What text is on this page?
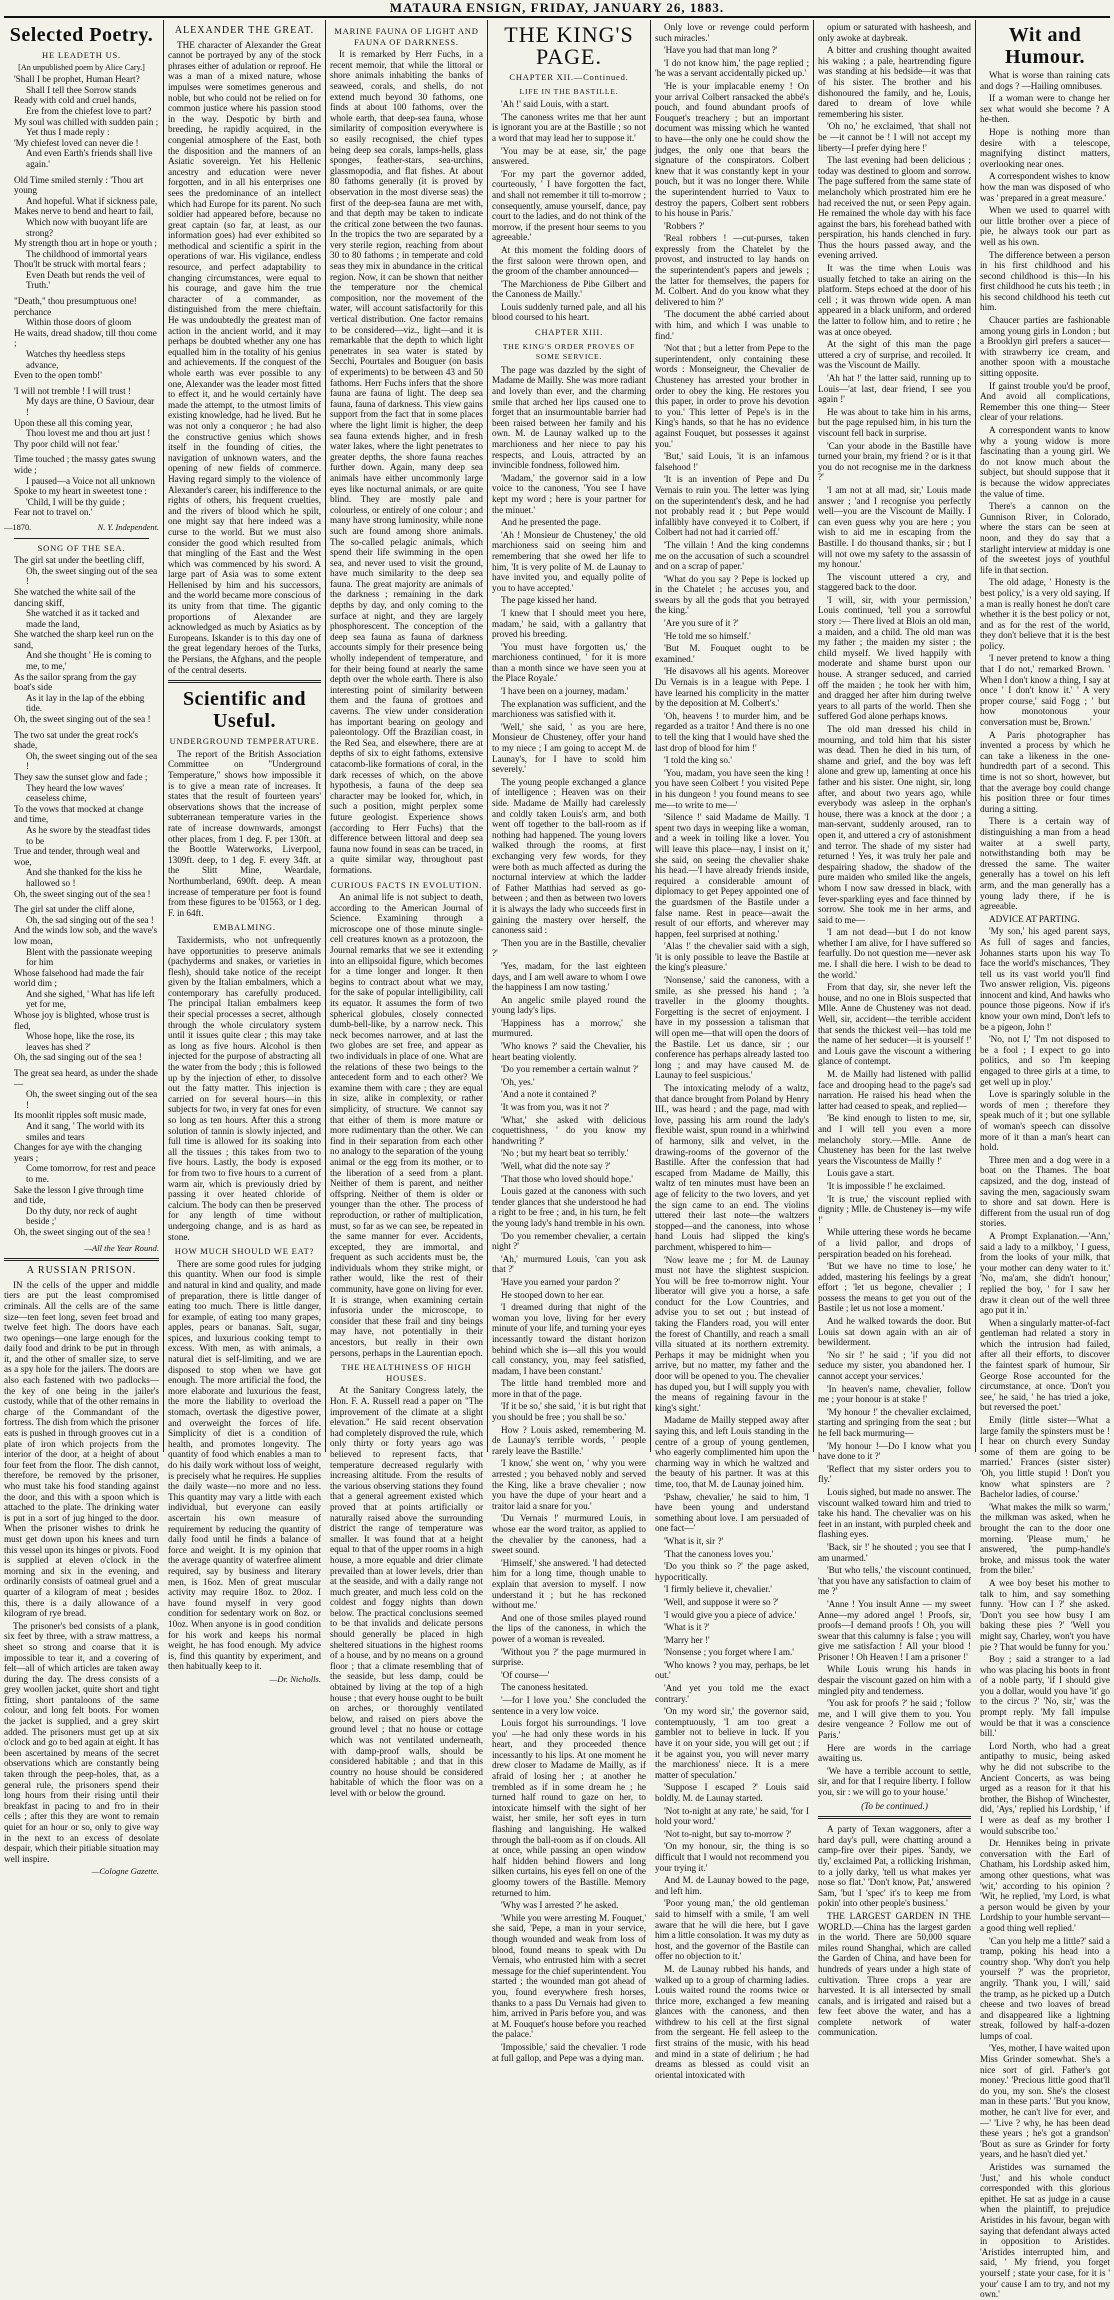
MATAURA ENSIGN, FRIDAY, JANUARY 26, 1883.
Selected Poetry.
HE LEADETH US.
[An unpublished poem by Alice Cary.]
'Shall I be prophet, Human Heart?
Shall I tell thee Sorrow stands
Ready with cold and cruel hands,
Ere from the chiefest love to part?
My soul was chilled with sudden pain ;
Yet thus I made reply :
'My chiefest loved can never die !
And even Earth's friends shall live again.'
Old Time smiled sternly : 'Thou art young
And hopeful. What if sickness pale,
Makes nerve to bend and heart to fail,
Which now with buoyant life are strong?
My strength thou art in hope or youth ;
The childhood of immortal years
Thou'lt be struck with mortal fears ;
Even Death but rends the veil of Truth.'
"Death," thou presumptuous one! perchance
Within those doors of gloom
He waits, dread shadow, till thou come ;
Watches thy heedless steps advance,
Even to the open tomb!'
'I will not tremble ! I will trust !
My days are thine, O Saviour, dear !
Upon these all this coming year,
Thou lovest me and thou art just !
Thy poor child will not fear.'
Time touched ; the massy gates swung wide ;
I paused—a Voice not all unknown
Spoke to my heart in sweetest tone :
'Child, I will be thy guide ;
Fear not to travel on.'
—1870.	N. Y. Independent.
SONG OF THE SEA.
The girl sat under the beetling cliff,
Oh, the sweet singing out of the sea !
She watched the white sail of the dancing skiff,
She watched it as it tacked and made the land,
She watched the sharp keel run on the sand,
And she thought ' He is coming to me, to me,'
As the sailor sprang from the gay boat's side
As it lay in the lap of the ebbing tide.
Oh, the sweet singing out of the sea !
The two sat under the great rock's shade,
Oh, the sweet singing out of the sea !
They saw the sunset glow and fade ;
They heard the low waves' ceaseless chime,
To the vows that mocked at change and time,
As he swore by the steadfast tides to be
True and tender, through weal and woe,
And she thanked for the kiss he hallowed so !
Oh, the sweet singing out of the sea !
The girl sat under the cliff alone,
Oh, the sad singing out of the sea !
And the winds low sob, and the wave's low moan,
Blent with the passionate weeping for him
Whose falsehood had made the fair world dim ;
And she sighed, ' What has life left yet for me,
Whose joy is blighted, whose trust is fled,
Whose hope, like the rose, its leaves has shed ?'
Oh, the sad singing out of the sea !
The great sea heard, as under the shade—
Oh, the sweet singing out of the sea !
Its moonlit ripples soft music made,
And it sang, ' The world with its smiles and tears
Changes for aye with the changing years ;
Come tomorrow, for rest and peace to me.
Sake the lesson I give through time and tide,
Do thy duty, nor reck of aught beside ;'
Oh, the sweet singing out of the sea !
—All the Year Round.
A RUSSIAN PRISON.

IN the cells of the upper and middle tiers are put the least compromised criminals. All the cells are of the same size—ten feet long, seven feet broad and twelve feet high. The doors have each two openings—one large enough for the daily food and drink to be put in through it, and the other of smaller size, to serve as a spy hole for the jailers. The doors are also each fastened with two padlocks—the key of one being in the jailer's custody, while that of the other remains in charge of the Commandant of the fortress. The dish from which the prisoner eats is pushed in through grooves cut in a plate of iron which projects from the interior of the door, at a height of about four feet from the floor. The dish cannot, therefore, be removed by the prisoner, who must take his food standing against the door, and this with a spoon which is attached to the plate. The drinking water is put in a sort of jug hinged to the door. When the prisoner wishes to drink he must get down upon his knees and turn this vessel upon its hinges or pivots. Food is supplied at eleven o'clock in the morning and six in the evening, and ordinarily consists of oatmeal gruel and a quarter of a kilogram of meat ; besides this, there is a daily allowance of a kilogram of rye bread.

The prisoner's bed consists of a plank, six feet by three, with a straw mattress, a sheet so strong and coarse that it is impossible to tear it, and a covering of felt—all of which articles are taken away during the day. The dress consists of a grey woollen jacket, quite short and tight fitting, short pantaloons of the same colour, and long felt boots. For women the jacket is supplied, and a grey skirt added. The prisoners must get up at six o'clock and go to bed again at eight. It has been ascertained by means of the secret observations which are constantly being taken through the peep-holes, that, as a general rule, the prisoners spend their long hours from their rising until their breakfast in pacing to and fro in their cells ; after this they are wont to remain quiet for an hour or so, only to give way in the next to an excess of desolate despair, which their pitiable situation may well inspire.

—Cologne Gazette.
ALEXANDER THE GREAT.

THE character of Alexander the Great cannot be portrayed by any of the stock phrases either of adulation or reproof. He was a man of a mixed nature, whose impulses were sometimes generous and noble, but who could not be relied on for common justice where his passion stood in the way. Despotic by birth and breeding, he rapidly acquired, in the congenial atmosphere of the East, both the disposition and the manners of an Asiatic sovereign. Yet his Hellenic ancestry and education were never forgotten, and in all his enterprises one sees the predominance of an intellect which had Europe for its parent. No such soldier had appeared before, because no great captain (so far, at least, as our information goes) had ever exhibited so methodical and scientific a spirit in the operations of war. His vigilance, endless resource, and perfect adaptability to changing circumstances, were equal to his courage, and gave him the true character of a commander, as distinguished from the mere chieftain. He was undoubtedly the greatest man of action in the ancient world, and it may perhaps be doubted whether any one has equalled him in the totality of his genius and achievements. If the conquest of the whole earth was ever possible to any one, Alexander was the leader most fitted to effect it, and he would certainly have made the attempt, to the utmost limits of existing knowledge, had he lived. But he was not only a conqueror ; he had also the constructive genius which shows itself in the founding of cities, the navigation of unknown waters, and the opening of new fields of commerce. Having regard simply to the violence of Alexander's career, his indifference to the rights of others, his frequent cruelties, and the rivers of blood which he spilt, one might say that here indeed was a curse to the world. But we must also consider the good which resulted from that mingling of the East and the West which was commenced by his sword. A large part of Asia was to some extent Hellenised by him and his successors, and the world became more conscious of its unity from that time. The gigantic proportions of Alexander are acknowledged as much by Asiatics as by Europeans. Iskander is to this day one of the great legendary heroes of the Turks, the Persians, the Afghans, and the people of the central deserts.

Scientific and Useful.
UNDERGROUND TEMPERATURE.

The report of the British Association Committee on "Underground Temperature," shows how impossible it is to give a mean rate of increases. It states that the result of fourteen years' observations shows that the increase of subterranean temperature varies in the rate of increase downwards, amongst other places, from 1 deg. F. per 130ft. at the Boottle Waterworks, Liverpool, 1309ft. deep, to 1 deg. F. every 34ft. at the Slitt Mine, Weardale, Northumberland, 690ft. deep. A mean increase of temperature per foot is found from these figures to be '01563, or 1 deg. F. in 64ft.

EMBALMING.

Taxidermists, who not unfrequently have opportunities to preserve animals (pachyderms and snakes, or varieties in flesh), should take notice of the receipt given by the Italian embalmers, which a contemporary has carefully produced. The principal Italian embalmers keep their special processes a secret, although through the whole circulatory system until it issues quite clear ; this may take as long as five hours. Alcohol is then injected for the purpose of abstracting all the water from the body ; this is followed up by the injection of ether, to dissolve out the fatty matter. This injection is carried on for several hours—in this subjects for two, in very fat ones for even so long as ten hours. After this a strong solution of tannin is slowly injected, and full time is allowed for its soaking into all the tissues ; this takes from two to five hours. Lastly, the body is exposed for from two to five hours to a current of warm air, which is previously dried by passing it over heated chloride of calcium. The body can then be preserved for any length of time without undergoing change, and is as hard as stone.

HOW MUCH SHOULD WE EAT?

There are some good rules for judging this quantity. When our food is simple and natural in kind and quality, and made of preparation, there is little danger of eating too much. There is little danger, for example, of eating too many grapes, apples, pears or bananas. Salt, sugar, spices, and luxurious cooking tempt to excess. With men, as with animals, a natural diet is self-limiting, and we are disposed to stop when we have got enough. The more artificial the food, the more elaborate and luxurious the feast, the more the liability to overload the stomach, overtask the digestive power, and overweight the forces of life. Simplicity of diet is a condition of health, and promotes longevity. The quantity of food which enables a man to do his daily work without loss of weight, is precisely what he requires. He supplies the daily waste—no more and no less. This quantity may vary a little with each individual, but everyone can easily ascertain his own measure of requirement by reducing the quantity of daily food until he finds a balance of force and weight. It is my opinion that the average quantity of waterfree aliment required, say by business and literary men, is 16oz. Men of great muscular activity may require 18oz. to 20oz. I have found myself in very good condition for sedentary work on 8oz. or 10oz. When anyone is in good condition for his work and keeps his normal weight, he has food enough. My advice is, find this quantity by experiment, and then habitually keep to it.

—Dr. Nicholls.
MARINE FAUNA OF LIGHT AND FAUNA OF DARKNESS.

It is remarked by Herr Fuchs, in a recent memoir, that while the littoral or shore animals inhabiting the banks of seaweed, corals, and shells, do not extend much beyond 30 fathoms, one finds at about 100 fathoms, over the whole earth, that deep-sea fauna, whose similarity of composition everywhere is so easily recognised, the chief types being deep sea corals, lamps-hells, glass sponges, feather-stars, sea-urchins, glassmopodia, and flat fishes. At about 80 fathoms generally (it is proved by observation in the most diverse seas) the first of the deep-sea fauna are met with, and that depth may be taken to indicate the critical zone between the two faunas. In the tropics the two are separated by a very sterile region, reaching from about 30 to 80 fathoms ; in temperate and cold seas they mix in abundance in the critical region. Now, it can be shown that neither the temperature nor the chemical composition, nor the movement of the water, will account satisfactorily for this vertical distribution. One factor remains to be considered—viz., light—and it is remarkable that the depth to which light penetrates in sea water is stated by Secchi, Pourtales and Bouguer (on basis of experiments) to be between 43 and 50 fathoms. Herr Fuchs infers that the shore fauna are fauna of light. The deep sea fauna, fauna of darkness. This view gains support from the fact that in some places where the light limit is higher, the deep sea fauna extends higher, and in fresh water lakes, where the light penetrates to greater depths, the shore fauna reaches further down. Again, many deep sea animals have either uncommonly large eyes like nocturnal animals, or are quite blind. They are mostly pale and colourless, or entirely of one colour ; and many have strong luminosity, while none such are found among shore animals. The so-called pelagic animals, which spend their life swimming in the open sea, and never used to visit the ground, have much similarity to the deep sea fauna. The great majority are animals of the darkness ; remaining in the dark depths by day, and only coming to the surface at night, and they are largely phosphorescent. The conception of the deep sea fauna as fauna of darkness accounts simply for their presence being wholly independent of temperature, and for their being found at nearly the same depth over the whole earth. There is also interesting point of similarity between them and the fauna of grottoes and caverns. The view under consideration has important bearing on geology and paleontology. Off the Brazilian coast, in the Red Sea, and elsewhere, there are at depths of six to eight fathoms, extensive catacomb-like formations of coral, in the dark recesses of which, on the above hypothesis, a fauna of the deep sea character may be looked for, which, in such a position, might perplex some future geologist. Experience shows (according to Herr Fuchs) that the difference between littoral and deep sea fauna now found in seas can be traced, in a quite similar way, throughout past formations.

CURIOUS FACTS IN EVOLUTION.

An animal life is not subject to death, according to the American Journal of Science. Examining through a microscope one of those minute single-cell creatures known as a protozoon, the Journal remarks that we see it extending into an ellipsoidal figure, which becomes for a time longer and longer. It then begins to contract about what we may, for the sake of popular intelligibility, call its equator. It assumes the form of two spherical globules, closely connected dumb-bell-like, by a narrow neck. This neck becomes narrower, and at last the two globes are set free, and appear as two individuals in place of one. What are the relations of these two beings to the antecedent form and to each other? We examine them with care ; they are equal in size, alike in complexity, or rather simplicity, of structure. We cannot say that either of them is more mature or more rudimentary than the other. We can find in their separation from each other no analogy to the separation of the young animal or the egg from its mother, or to the liberation of a seed from a plant. Neither of them is parent, and neither offspring. Neither of them is older or younger than the other. The process of reproduction, or rather of multiplication, must, so far as we can see, be repeated in the same manner for ever. Accidents, excepted, they are immortal, and frequent as such accidents must be, the individuals whom they strike might, or rather would, like the rest of their community, have gone on living for ever. It is strange, when examining certain infusoria under the microscope, to consider that these frail and tiny beings may have, not potentially in their ancestors, but really in their own persons, perhaps in the Laurentian epoch.

THE HEALTHINESS OF HIGH HOUSES.

At the Sanitary Congress lately, the Hon. F. A. Russell read a paper on "The improvement of the climate at a slight elevation." He said recent observation had completely disproved the rule, which only thirty or forty years ago was believed to represent facts, that temperature decreased regularly with increasing altitude. From the results of the various observing stations they found that a general agreement existed which proved that at points artificially or naturally raised above the surrounding district the range of temperature was smaller. It was found that at a height equal to that of the upper rooms in a high house, a more equable and drier climate prevailed than at lower levels, drier than at the seaside, and with a daily range not much greater, and much less cold on the coldest and foggy nights than down below. The practical conclusions seemed to be that invalids and delicate persons should generally be placed in high sheltered situations in the highest rooms of a house, and by no means on a ground floor ; that a climate resembling that of the seaside, but less damp, could be obtained by living at the top of a high house ; that every house ought to be built on arches, or thoroughly ventilated below, and raised on piers above the ground level ; that no house or cottage which was not ventilated underneath, with damp-proof walls, should be considered habitable ; and that in this country no house should be considered habitable of which the floor was on a level with or below the ground.

THE KING'S PAGE.
CHAPTER XII.—Continued.
LIFE IN THE BASTILLE.

'Ah !' said Louis, with a start.

'The canoness writes me that her aunt is ignorant you are at the Bastille ; so not a word that may lead her to suppose it.'

'You may be at ease, sir,' the page answered.

'For my part the governor added, courteously, ' I have forgotten the fact, and shall not remember it till to-morrow ; consequently, amuse yourself, dance, pay court to the ladies, and do not think of the morrow, if the present hour seems to you agreeable.'

At this moment the folding doors of the first saloon were thrown open, and the groom of the chamber announced—

'The Marchioness de Pibe Gilbert and the Canoness de Mailly.'

Louis suddenly turned pale, and all his blood coursed to his heart.

CHAPTER XIII.
THE KING'S ORDER PROVES OF SOME SERVICE.

The page was dazzled by the sight of Madame de Mailly. She was more radiant and lovely than ever, and the charming smile that arched her lips caused one to forget that an insurmountable barrier had been raised between her family and his own. M. de Launay walked up to the marchioness and her niece to pay his respects, and Louis, attracted by an invincible fondness, followed him.

'Madam,' the governor said in a low voice to the canoness, 'You see I have kept my word ; here is your partner for the minuet.'

And he presented the page.

'Ah ! Monsieur de Chusteney,' the old marchioness said on seeing him and remembering that she owed her life to him, 'It is very polite of M. de Launay to have invited you, and equally polite of you to have accepted.'

The page kissed her hand.

'I knew that I should meet you here, madam,' he said, with a gallantry that proved his breeding.

'You must have forgotten us,' the marchioness continued, ' for it is more than a month since we have seen you at the Place Royale.'

'I have been on a journey, madam.'

The explanation was sufficient, and the marchioness was satisfied with it.

'Well,' she said, ' as you are here, Monsieur de Chusteney, offer your hand to my niece ; I am going to accept M. de Launay's, for I have to scold him severely.'

The young people exchanged a glance of intelligence ; Heaven was on their side. Madame de Mailly had carelessly and coldly taken Louis's arm, and both went off together to the ball-room as if nothing had happened. The young lovers walked through the rooms, at first exchanging very few words, for they were both as much affected as during the nocturnal interview at which the ladder of Father Matthias had served as go-between ; and then as between two lovers it is always the lady who succeeds first in gaining the mastery over herself, the canoness said :

'Then you are in the Bastille, chevalier ?'

'Yes, madam, for the last eighteen days, and I am well aware to whom I owe the happiness I am now tasting.'

An angelic smile played round the young lady's lips.

'Happiness has a morrow,' she murmured.

'Who knows ?' said the Chevalier, his heart beating violently.

'Do you remember a certain walnut ?'

'Oh, yes.'

'And a note it contained ?'

'It was from you, was it not ?'

'What,' she asked with delicious coquettishness, ' do you know my handwriting ?'

'No ; but my heart beat so terribly.'

'Well, what did the note say ?'

'That those who loved should hope.'

Louis gazed at the canoness with such tender glances that she understood he had a right to be free ; and, in his turn, he felt the young lady's hand tremble in his own.

'Do you remember chevalier, a certain night ?'

'Ah,' murmured Louis, 'can you ask that ?'

'Have you earned your pardon ?'

He stooped down to her ear.

'I dreamed during that night of the woman you love, living for her every minute of your life, and turning your eyes incessantly toward the distant horizon behind which she is—all this you would call constancy, you, may feel satisfied, madam, I have been constant.'

The little hand trembled more and more in that of the page.

'If it be so,' she said, ' it is but right that you should be free ; you shall be so.'

How ? Louis asked, remembering M. de Launay's terrible words, ' people rarely leave the Bastille.'

'I know,' she went on, ' why you were arrested ; you behaved nobly and served the King, like a brave chevalier ; now you have the dupe of your heart and a traitor laid a snare for you.'

'Du Vernais !' murmured Louis, in whose ear the word traitor, as applied to the chevalier by the canoness, had a sweet sound.

'Himself,' she answered. 'I had detected him for a long time, though unable to explain that aversion to myself. I now understand it ; but he has reckoned without me.'

And one of those smiles played round the lips of the canoness, in which the power of a woman is revealed.

'Without you ?' the page murmured in surprise.

'Of course—'

The canoness hesitated.

'—for I love you.' She concluded the sentence in a very low voice.

Louis forgot his surroundings. 'I love you' —he had only these words in his heart, and they proceeded thence incessantly to his lips. At one moment he drew closer to Madame de Mailly, as if afraid of losing her ; at another he trembled as if in some dream he ; he turned half round to gaze on her, to intoxicate himself with the sight of her waist, her smile, her soft eyes in turn flashing and languishing. He walked through the ball-room as if on clouds. All at once, while passing an open window half hidden behind flowers and long silken curtains, his eyes fell on one of the gloomy towers of the Bastille. Memory returned to him.

'Why was I arrested ?' he asked.

'While you were arresting M. Fouquet,' she said, 'Pepe, a man in your service, though wounded and weak from loss of blood, found means to speak with Du Vernais, who entrusted him with a secret message for the chief superintendent. You started ; the wounded man got ahead of you, found everywhere fresh horses, thanks to a pass Du Vernais had given to him, arrived in Paris before you, and was at M. Fouquet's house before you reached the palace.'

'Impossible,' said the chevalier. 'I rode at full gallop, and Pepe was a dying man.

Only love or revenge could perform such miracles.'

'Have you had that man long ?'

'I do not know him,' the page replied ; 'he was a servant accidentally picked up.'

'He is your implacable enemy ! On your arrival Colbert ransacked the abbé's pouch, and found abundant proofs of Fouquet's treachery ; but an important document was missing which he wanted to have—the only one he could show the judges, the only one that bears the signature of the conspirators. Colbert knew that it was constantly kept in your pouch, but it was no longer there. While the superintendent hurried to Vaux to destroy the papers, Colbert sent robbers to his house in Paris.'

'Robbers ?'

'Real robbers ! —cut-purses, taken expressly from the Chatelet by the provost, and instructed to lay hands on the superintendent's papers and jewels ; the latter for themselves, the papers for M. Colbert. And do you know what they delivered to him ?'

'The document the abbé carried about with him, and which I was unable to find.'

'Not that ; but a letter from Pepe to the superintendent, only containing these words : Monseigneur, the Chevalier de Chusteney has arrested your brother in order to obey the king. He restores you this paper, in order to prove his devotion to you.' This letter of Pepe's is in the King's hands, so that he has no evidence against Fouquet, but possesses it against you.'

'But,' said Louis, 'it is an infamous falsehood !'

'It is an invention of Pepe and Du Vernais to ruin you. The letter was lying on the superintendent's desk, and he had not probably read it ; but Pepe would infallibly have conveyed it to Colbert, if Colbert had not had it carried off.'

'The villain ! And the king condemns me on the accusation of such a scoundrel and on a scrap of paper.'

'What do you say ? Pepe is locked up in the Chatelet ; he accuses you, and swears by all the gods that you betrayed the king.'

'Are you sure of it ?'

'He told me so himself.'

'But M. Fouquet ought to be examined.'

'He disavows all his agents. Moreover Du Vernais is in a league with Pepe. I have learned his complicity in the matter by the deposition at M. Colbert's.'

'Oh, heavens ! to murder him, and be regarded as a traitor ! And there is no one to tell the king that I would have shed the last drop of blood for him !'

'I told the king so.'

'You, madam, you have seen the king ! you have seen Colbert ! you visited Pepe in his dungeon ! you found means to see me—to write to me—'

'Silence !' said Madame de Mailly. 'I spent two days in weeping like a woman, and a week in toiling like a lover. You will leave this place—nay, I insist on it,' she said, on seeing the chevalier shake his head.—'I have already friends inside, required a considerable amount of diplomacy to get Pepey appointed one of the guardsmen of the Bastile under a false name. Rest in peace—await the result of our efforts, and wherever may happen, feel surprised at nothing.'

'Alas !' the chevalier said with a sigh, 'it is only possible to leave the Bastile at the king's pleasure.'

'Nonsense,' said the canoness, with a smile, as she pressed his hand ; 'a traveller in the gloomy thoughts. Forgetting is the secret of enjoyment. I have in my possession a talisman that will open me—that will open the doors of the Bastile. Let us dance, sir ; our conference has perhaps already lasted too long ; and may have caused M. de Launay to feel suspicious.'

The intoxicating melody of a waltz, that dance brought from Poland by Henry III., was heard ; and the page, mad with love, passing his arm round the lady's flexible waist, spun round in a whirlwind of harmony, silk and velvet, in the drawing-rooms of the governor of the Bastille. After the confession that had escaped from Madame de Mailly, this waltz of ten minutes must have been an age of felicity to the two lovers, and yet the sign came to an end. The violins uttered their last note—the waltzers stopped—and the canoness, into whose hand Louis had slipped the king's parchment, whispered to him—

'Now leave me ; for M. de Launay must not have the slightest suspicion. You will be free to-morrow night. Your liberator will give you a horse, a safe conduct for the Low Countries, and advise you to set out ; but instead of taking the Flanders road, you will enter the forest of Chantilly, and reach a small villa situated at its northern extremity. Perhaps it may be midnight when you arrive, but no matter, my father and the door will be opened to you. The chevalier has duped you, but I will supply you with the means of regaining favour in the king's sight.'

Madame de Mailly stepped away after saying this, and left Louis standing in the centre of a group of young gentlemen, who eagerly complimented him upon the charming way in which he waltzed and the beauty of his partner. It was at this time, too, that M. de Launay joined him.

'Pshaw, chevalier,' he said to him, 'I have been young and understand something about love. I am persuaded of one fact—'

'What is it, sir ?'

'That the canoness loves you.'

'Do you think so ?' the page asked, hypocritically.

'I firmly believe it, chevalier.'

'Well, and suppose it were so ?'

'I would give you a piece of advice.'

'What is it ?'

'Marry her !'

'Nonsense ; you forget where I am.'

'Who knows ? you may, perhaps, be let out.'

'And yet you told me the exact contrary.'

'On my word sir,' the governor said, contemptuously, 'I am too great a gambler not to believe in luck. If you have it on your side, you will get out ; if it be against you, you will never marry the marchioness' niece. It is a mere matter of speculation.'

'Suppose I escaped ?' Louis said boldly. M. de Launay started.

'Not to-night at any rate,' he said, 'for I hold your word.'

'Not to-night, but say to-morrow ?'

'On my honour, sir, the thing is so difficult that I would not recommend you your trying it.'

And M. de Launay bowed to the page, and left him.

'Poor young man,' the old gentleman said to himself with a smile, 'I am well aware that he will die here, but I gave him a little consolation. It was my duty as host, and the governor of the Bastile can offer no objection to it.'

M. de Launay rubbed his hands, and walked up to a group of charming ladies. Louis waited round the rooms twice or thrice more, exchanged a few meaning glances with the canoness, and then withdrew to his cell at the first signal from the sergeant. He fell asleep to the first strains of the music, with his head and mind in a state of delirium ; he had dreams as blessed as could visit an oriental intoxicated with

opium or saturated with hasheesh, and only awoke at daybreak.

A bitter and crushing thought awaited his waking ; a pale, heartrending figure was standing at his bedside—it was that of his sister. The brother and his dishonoured the family, and he, Louis, dared to dream of love while remembering his sister.

'Oh no,' he exclaimed, 'that shall not be —it cannot be ! I will not accept my liberty—I prefer dying here !'

The last evening had been delicious ; today was destined to gloom and sorrow. The page suffered from the same state of melancholy which prostrated him ere he had received the nut, or seen Pepy again. He remained the whole day with his face against the bars, his forehead bathed with perspiration, his hands clenched in fury. Thus the hours passed away, and the evening arrived.

It was the time when Louis was usually fetched to take an airing on the platform. Steps echoed at the door of his cell ; it was thrown wide open. A man appeared in a black uniform, and ordered the latter to follow him, and to retire ; he was at once obeyed.

At the sight of this man the page uttered a cry of surprise, and recoiled. It was the Viscount de Mailly.

'Ah hat !' the latter said, running up to Louis—'at last, dear friend, I see you again !'

He was about to take him in his arms, but the page repulsed him, in his turn the viscount fell back in surprise.

'Can your abode in the Bastille have turned your brain, my friend ? or is it that you do not recognise me in the darkness ?'

'I am not at all mad, sir,' Louis made answer ; 'and I recognise you perfectly well—you are the Viscount de Mailly. I can even guess why you are here ; you wish to aid me in escaping from the Bastille. I do thousand thanks, sir ; but I will not owe my safety to the assassin of my honour.'

The viscount uttered a cry, and staggered back to the door.

'I will, sir, with your permission,' Louis continued, 'tell you a sorrowful story :— There lived at Blois an old man, a maiden, and a child. The old man was my father ; the maiden my sister ; the child myself. We lived happily with moderate and shame burst upon our house. A stranger seduced, and carried off the maiden ; he took her with him, and dragged her after him during twelve years to all parts of the world. Then she suffered God alone perhaps knows.

The old man dressed his child in mourning, and told him that his sister was dead. Then he died in his turn, of shame and grief, and the boy was left alone and grew up, lamenting at once his father and his sister. One night, sir, long after, and about two years ago, while everybody was asleep in the orphan's house, there was a knock at the door ; a man-servant, suddenly aroused, ran to open it, and uttered a cry of astonishment and terror. The shade of my sister had returned ! Yes, it was truly her pale and despairing shadow, the shadow of the pure maiden who smiled like the angels, whom I now saw dressed in black, with fever-sparkling eyes and face thinned by sorrow. She took me in her arms, and said to me—

'I am not dead—but I do not know whether I am alive, for I have suffered so fearfully. Do not question me—never ask me. I shall die here. I wish to be dead to the world.'

From that day, sir, she never left the house, and no one in Blois suspected that Mlle. Anne de Chusteney was not dead. Well, sir, accident—the terrible accident that sends the thickest veil—has told me the name of her seducer—it is yourself !' and Louis gave the viscount a withering glance of contempt.

M. de Mailly had listened with pallid face and drooping head to the page's sad narration. He raised his head when the latter had ceased to speak, and replied—

'Be kind enough to listen to me, sir, and I will tell you even a more melancholy story.—Mlle. Anne de Chusteney has been for the last twelve years the Viscountess de Mailly !'

Louis gave a start.

'It is impossible !' he exclaimed.

'It is true,' the viscount replied with dignity ; Mlle. de Chusteney is—my wife !'

While uttering these words he became of a livid pallor, and drops of perspiration beaded on his forehead.

'But we have no time to lose,' he added, mastering his feelings by a great effort ; 'let us begone, chevalier ; I possess the means to get you out of the Bastile ; let us not lose a moment.'

And he walked towards the door. But Louis sat down again with an air of bewilderment.

'No sir !' he said ; 'if you did not seduce my sister, you abandoned her. I cannot accept your services.'

'In heaven's name, chevalier, follow me ; your honour is at stake !'

'My honour !' the chevalier exclaimed, starting and springing from the seat ; but he fell back murmuring—

'My honour !—Do I know what you have done to it ?'

'Reflect that my sister orders you to fly.'

Louis sighed, but made no answer. The viscount walked toward him and tried to take his hand. The chevalier was on his feet in an instant, with purpled cheek and flashing eyes.

'Back, sir !' he shouted ; you see that I am unarmed.'

'But who tells,' the viscount continued, 'that you have any satisfaction to claim of me ?'

'Anne ! You insult Anne — my sweet Anne—my adored angel ! Proofs, sir, proofs—I demand proofs ! Oh, you will swear that this calumny is false ; you will give me satisfaction ! All your blood ! Prisoner ! Oh Heaven ! I am a prisoner !'

While Louis wrung his hands in despair the viscount gazed on him with a mingled pity and tenderness.

'You ask for proofs ?' he said ; 'follow me, and I will give them to you. You desire vengeance ? Follow me out of Paris.'

Here are words in the carriage awaiting us.

'We have a terrible account to settle, sir, and for that I require liberty. I follow you, sir : we will go to your house.'

(To be continued.)

A party of Texan waggoners, after a hard day's pull, were chatting around a camp-fire over their pipes. 'Sandy, we tly,' exclaimed Pat, a rollicking Irishman, to a jolly darky, 'tell us what makes yer nose so flat.' 'Don't know, Pat,' answered Sam, 'but I 'spec' it's to keep me from pokin' into other people's business.'

THE LARGEST GARDEN IN THE WORLD.—China has the largest garden in the world. There are 50,000 square miles round Shanghai, which are called the Garden of China, and have been for hundreds of years under a high state of cultivation. Three crops a year are harvested. It is all intersected by small canals, and is irrigated and raised but a few feet above the water, and has a complete network of water communication.

Wit and Humour.

What is worse than raining cats and dogs ? —Hailing omnibuses.

If a woman were to change her sex what would she become ? A he-then.

Hope is nothing more than desire with a telescope, magnifying distinct matters, overlooking near ones.

A correspondent wishes to know how the man was disposed of who was ' prepared in a great measure.'

When we used to quarrel with our little brother over a piece of pie, he always took our part as well as his own.

The difference between a person in his first childhood and his second childhood is this—In his first childhood he cuts his teeth ; in his second childhood his teeth cut him.

Chaucer parties are fashionable among young girls in London ; but a Brooklyn girl prefers a saucer—with strawberry ice cream, and another spoon with a moustache sitting opposite.

If gainst trouble you'd be proof, And avoid all complications, Remember this one thing— Steer clear of your relations.

A correspondent wants to know why a young widow is more fascinating than a young girl. We do not know much about the subject, but should suppose that it is because the widow appreciates the value of time.

There's a cannon on the Gunnison River, in Colorado, where the stars can be seen at noon, and they do say that a starlight interview at midday is one of the sweetest joys of youthful life in that section.

The old adage, ' Honesty is the best policy,' is a very old saying. If a man is really honest he don't care whether it is the best policy or not, and as for the rest of the world, they don't believe that it is the best policy.

'I never pretend to know a thing that I do not,' remarked Brown. ' When I don't know a thing, I say at once ' I don't know it.' ' A very proper course,' said Fogg ; ' but how monotonous your conversation must be, Brown.'

A Paris photographer has invented a process by which he can take a likeness in the one-hundredth part of a second. This time is not so short, however, but that the average boy could change his position three or four times during a sitting.

There is a certain way of distinguishing a man from a head waiter at a swell party, notwithstanding both may be dressed the same. The waiter generally has a towel on his left arm, and the man generally has a young lady there, if he is agreeable.

ADVICE AT PARTING.

'My son,' his aged parent says, As full of sages and fancies, Johannes starts upon his way To face the world's mischances, 'They tell us its vast world you'll find Two answer religion, Vis. pigeons innocent and kind, And hawks who pounce those pigeons. Now if it's know your own mind, Don't lefs to be a pigeon, John !'

'No, not I,' 'I'm not disposed to be a fool ; I expect to go into politics, and so I'm keeping engaged to three girls at a time, to get well up in ploy.'

Love is sparingly soluble in the words of men ; therefore they speak much of it ; but one syllable of woman's speech can dissolve more of it than a man's heart can hold.

Three men and a dog were in a boat on the Thames. The boat capsized, and the dog, instead of saving the men, sagaciously swam to shore and sat down. Here is different from the usual run of dog stories.

A Prompt Explanation.—'Ann,' said a lady to a milkboy, ' I guess, from the looks of your milk, that your mother can deny water to it.' 'No, ma'am, she didn't honour,' replied the boy, ' for I saw her draw it clean out of the well three ago put it in.'

When a singularly matter-of-fact gentleman had related a story in which the intrusion had failed, after all their efforts, to discover the faintest spark of humour, Sir George Rose accounted for the circumstance, at once. 'Don't you see,' he said, ' he has tried a joke, but reversed the poet.'

Emily (little sister—'What a large family the spinsters must be ! I hear on church every Sunday some of them are going to be married.' Frances (sister sister) 'Oh, you little stupid ! Don't you know what spinsters are ? Bachelor ladies, of course.'

'What makes the milk so warm,' the milkman was asked, when he brought the can to the door one morning. 'Please mum,' he answered, 'the pump-handle's broke, and missus took the water from the biler.'

A wee boy beset his mother to talk to him, and say something funny. 'How can I ?' she asked. 'Don't you see how busy I am baking these pies ?' 'Well you might say, Charley, won't you have pie ? That would be funny for you.'

Boy ; said a stranger to a lad who was placing his boots in front of a noble party, 'if I should give you a dollar, would you have 'it' go to the circus ?' 'No, sir,' was the prompt reply. 'My fall impulse would be that it was a conscience bill.'

Lord North, who had a great antipathy to music, being asked why he did not subscribe to the Ancient Concerts, as was being urged as a reason for it that his brother, the Bishop of Winchester, did, 'Ays,' replied his Lordship, ' if I were as deaf as my brother I would subscribe too.'

Dr. Hennikes being in private conversation with the Earl of Chatham, his Lordship asked him, among other questions, what was 'wit,' according to his opinion ? 'Wit, he replied, 'my Lord, is what a person would be given by your Lordship to your humble servant—a good thing well replied.'

'Can you help me a little?' said a tramp, poking his head into a country shop. 'Why don't you help yourself ?' was the proprietor, angrily. 'Thank you, I will,' said the tramp, as he picked up a Dutch cheese and two loaves of bread and disappeared like a lightning streak, followed by half-a-dozen lumps of coal.

'Yes, mother, I have waited upon Miss Grinder somewhat. She's a nice sort of girl. Father's got money.' 'Precious little good that'll do you, my son. She's the closest man in these parts.' 'But you know, mother, he can't live for ever, and —' 'Live ? why, he has been dead these years ; he's got a grandson' 'Bout as sure as Grinder for forty years, and he hasn't died yet.'

Aristides was surnamed the 'Just,' and his whole conduct corresponded with this glorious epithet. He sat as judge in a cause when the plaintiff, to prejudice Aristides in his favour, began with saying that defendant always acted in opposition to Aristides. 'Aristides interrupted him, and said, ' My friend, you forget yourself ; state your case, for it is ' your' cause I am to try, and not my own.'
